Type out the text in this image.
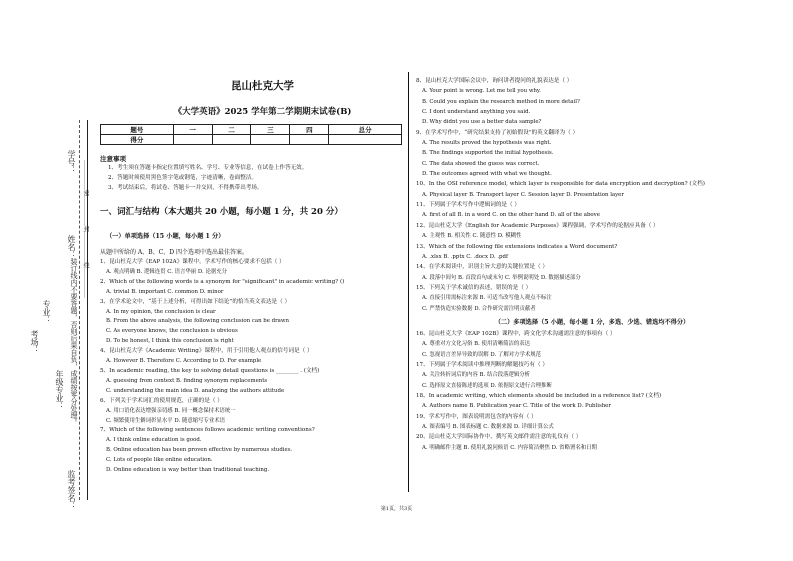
学号：
姓名： ……………密……………封……………线……………
装订线内不要答题，否则后果自负，成绩按零分处理。
年级专业：
专业：
考场：
监考签名：
昆山杜克大学
《大学英语》2025 学年第二学期期末试卷(B)
题号	一	二	三	四	总分
得分					
注意事项
1、考生须在答题卡指定位置填写姓名、学号、专业等信息，在试卷上作答无效。
2、答题时须使用黑色签字笔或钢笔，字迹清晰，卷面整洁。
3、考试结束后，将试卷、答题卡一并交回，不得携带出考场。
一、词汇与结构（本大题共 20 小题，每小题 1 分，共 20 分）
（一）单项选择（15 小题，每小题 1 分）
从题中所给的 A、B、C、D 四个选项中选出最佳答案。
1、昆山杜克大学《EAP 102A》课程中，学术写作的核心要求不包括（ ）
A. 观点明确 B. 逻辑连贯 C. 语言华丽 D. 论据充分
2、Which of the following words is a synonym for "significant" in academic writing? ()
A. trivial B. important C. common D. minor
3、在学术论文中，“基于上述分析，可得出如下结论”的恰当英文表达是（ ）
A. In my opinion, the conclusion is clear
B. From the above analysis, the following conclusion can be drawn
C. As everyone knows, the conclusion is obvious
D. To be honest, I think this conclusion is right
4、昆山杜克大学《Academic Writing》课程中，用于引用他人观点的信号词是（ ）
A. However B. Therefore C. According to D. For example
5、In academic reading, the key to solving detail questions is ________ . (文档)
A. guessing from context B. finding synonym replacements
C. understanding the main idea D. analyzing the authors attitude
6、下列关于学术词汇的使用规范，正确的是（ ）
A. 用口语化表达增强亲切感 B. 同一概念保持术语统一
C. 频繁使用生僻词彰显水平 D. 随意缩写专业术语
7、Which of the following sentences follows academic writing conventions?
A. I think online education is good.
B. Online education has been proven effective by numerous studies.
C. Lots of people like online education.
D. Online education is way better than traditional teaching.
8、昆山杜克大学国际会议中，询问讲者提问的礼貌表达是（ ）
A. Your point is wrong. Let me tell you why.
B. Could you explain the research method in more detail?
C. I dont understand anything you said.
D. Why didnt you use a better data sample?
9、在学术写作中，“研究结果支持了初始假设”的英文翻译为（ ）
A. The results proved the hypothesis was right.
B. The findings supported the initial hypothesis.
C. The data showed the guess was correct.
D. The outcomes agreed with what we thought.
10、In the OSI reference model, which layer is responsible for data encryption and decryption? (文档)
A. Physical layer B. Transport layer C. Session layer D. Presentation layer
11、下列属于学术写作中逻辑词的是（ ）
A. first of all B. in a word C. on the other hand D. all of the above
12、昆山杜克大学《English for Academic Purposes》课程强调，学术写作的论据应具备（ ）
A. 主观性 B. 相关性 C. 随意性 D. 模糊性
13、Which of the following file extensions indicates a Word document?
A. .xlsx B. .pptx C. .docx D. .pdf
14、在学术阅读中，识别主旨大意的关键位置是（ ）
A. 段落中间句 B. 首段首句或末句 C. 举例说明处 D. 数据描述部分
15、下列关于学术诚信的表述，错误的是（ ）
A. 直接引用需标注来源 B. 可适当改写他人观点不标注
C. 严禁伪造实验数据 D. 合作研究需注明贡献者
（二）多项选择（5 小题，每小题 1 分，多选、少选、错选均不得分）
16、昆山杜克大学《EAP 102B》课程中，跨文化学术沟通需注意的事项有（ ）
A. 尊重对方文化习俗 B. 使用清晰简洁的表达
C. 忽视语言差异导致的误解 D. 了解对方学术规范
17、下列属于学术阅读中推理判断的解题技巧有（ ）
A. 关注转折词后的内容 B. 结合段落逻辑分析
C. 选择原文直接陈述的选项 D. 依据原文进行合理推断
18、In academic writing, which elements should be included in a reference list? (文档)
A. Authors name B. Publication year C. Title of the work D. Publisher
19、学术写作中，图表说明需包含的内容有（ ）
A. 图表编号 B. 图表标题 C. 数据来源 D. 详细计算公式
20、昆山杜克大学国际协作中，撰写英文邮件需注意的礼仪有（ ）
A. 明确邮件主题 B. 使用礼貌问候语 C. 内容简洁聚焦 D. 省略署名和日期
第1页，共3页
